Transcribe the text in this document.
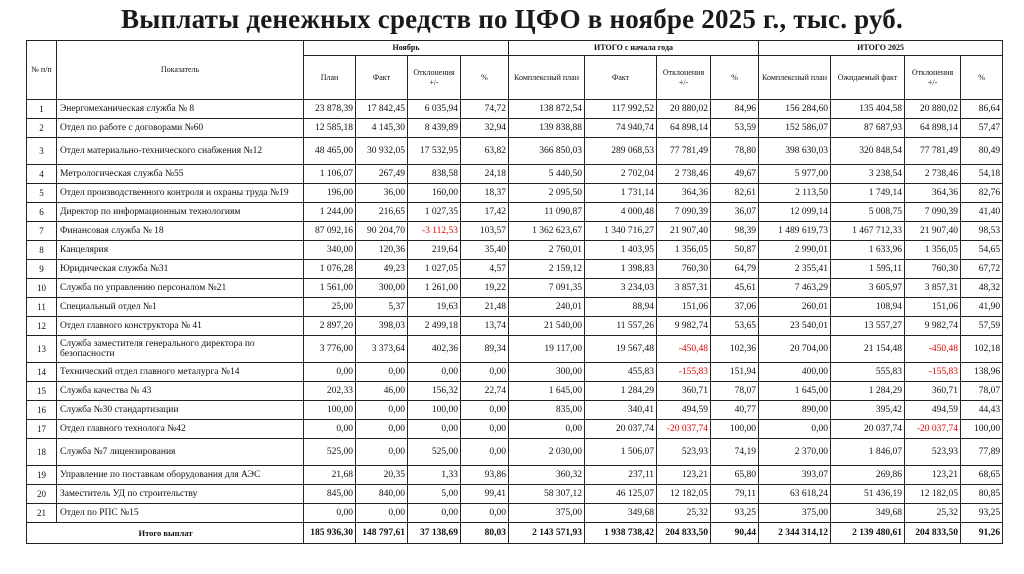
Выплаты денежных средств по ЦФО в ноябре 2025 г., тыс. руб.
№ п/п	Показатель	Ноябрь				ИТОГО с начала года				ИТОГО 2025			
		План	Факт	Отклонения +/-	%	Комплексный план	Факт	Отклонения +/-	%	Комплексный план	Ожидаемый факт	Отклонения +/-	%
1	Энергомеханическая служба № 8	23 878,39	17 842,45	6 035,94	74,72	138 872,54	117 992,52	20 880,02	84,96	156 284,60	135 404,58	20 880,02	86,64
2	Отдел по работе с договорами №60	12 585,18	4 145,30	8 439,89	32,94	139 838,88	74 940,74	64 898,14	53,59	152 586,07	87 687,93	64 898,14	57,47
3	Отдел материально-технического снабжения №12	48 465,00	30 932,05	17 532,95	63,82	366 850,03	289 068,53	77 781,49	78,80	398 630,03	320 848,54	77 781,49	80,49
4	Метрологическая служба №55	1 106,07	267,49	838,58	24,18	5 440,50	2 702,04	2 738,46	49,67	5 977,00	3 238,54	2 738,46	54,18
5	Отдел производственного контроля и охраны труда №19	196,00	36,00	160,00	18,37	2 095,50	1 731,14	364,36	82,61	2 113,50	1 749,14	364,36	82,76
6	Директор по информационным технологиям	1 244,00	216,65	1 027,35	17,42	11 090,87	4 000,48	7 090,39	36,07	12 099,14	5 008,75	7 090,39	41,40
7	Финансовая служба № 18	87 092,16	90 204,70	-3 112,53	103,57	1 362 623,67	1 340 716,27	21 907,40	98,39	1 489 619,73	1 467 712,33	21 907,40	98,53
8	Канцелярия	340,00	120,36	219,64	35,40	2 760,01	1 403,95	1 356,05	50,87	2 990,01	1 633,96	1 356,05	54,65
9	Юридическая служба №31	1 076,28	49,23	1 027,05	4,57	2 159,12	1 398,83	760,30	64,79	2 355,41	1 595,11	760,30	67,72
10	Служба по управлению персоналом №21	1 561,00	300,00	1 261,00	19,22	7 091,35	3 234,03	3 857,31	45,61	7 463,29	3 605,97	3 857,31	48,32
11	Специальный отдел №1	25,00	5,37	19,63	21,48	240,01	88,94	151,06	37,06	260,01	108,94	151,06	41,90
12	Отдел главного конструктора № 41	2 897,20	398,03	2 499,18	13,74	21 540,00	11 557,26	9 982,74	53,65	23 540,01	13 557,27	9 982,74	57,59
13	Служба заместителя генерального директора по безопасности	3 776,00	3 373,64	402,36	89,34	19 117,00	19 567,48	-450,48	102,36	20 704,00	21 154,48	-450,48	102,18
14	Технический отдел главного металурга №14	0,00	0,00	0,00	0,00	300,00	455,83	-155,83	151,94	400,00	555,83	-155,83	138,96
15	Служба качества № 43	202,33	46,00	156,32	22,74	1 645,00	1 284,29	360,71	78,07	1 645,00	1 284,29	360,71	78,07
16	Служба №30 стандартизации	100,00	0,00	100,00	0,00	835,00	340,41	494,59	40,77	890,00	395,42	494,59	44,43
17	Отдел главного технолога №42	0,00	0,00	0,00	0,00	0,00	20 037,74	-20 037,74	100,00	0,00	20 037,74	-20 037,74	100,00
18	Служба №7 лицензирования	525,00	0,00	525,00	0,00	2 030,00	1 506,07	523,93	74,19	2 370,00	1 846,07	523,93	77,89
19	Управление по поставкам оборудования для АЭС	21,68	20,35	1,33	93,86	360,32	237,11	123,21	65,80	393,07	269,86	123,21	68,65
20	Заместитель УД по строительству	845,00	840,00	5,00	99,41	58 307,12	46 125,07	12 182,05	79,11	63 618,24	51 436,19	12 182,05	80,85
21	Отдел по РПС №15	0,00	0,00	0,00	0,00	375,00	349,68	25,32	93,25	375,00	349,68	25,32	93,25
Итого выплат		185 936,30	148 797,61	37 138,69	80,03	2 143 571,93	1 938 738,42	204 833,50	90,44	2 344 314,12	2 139 480,61	204 833,50	91,26
